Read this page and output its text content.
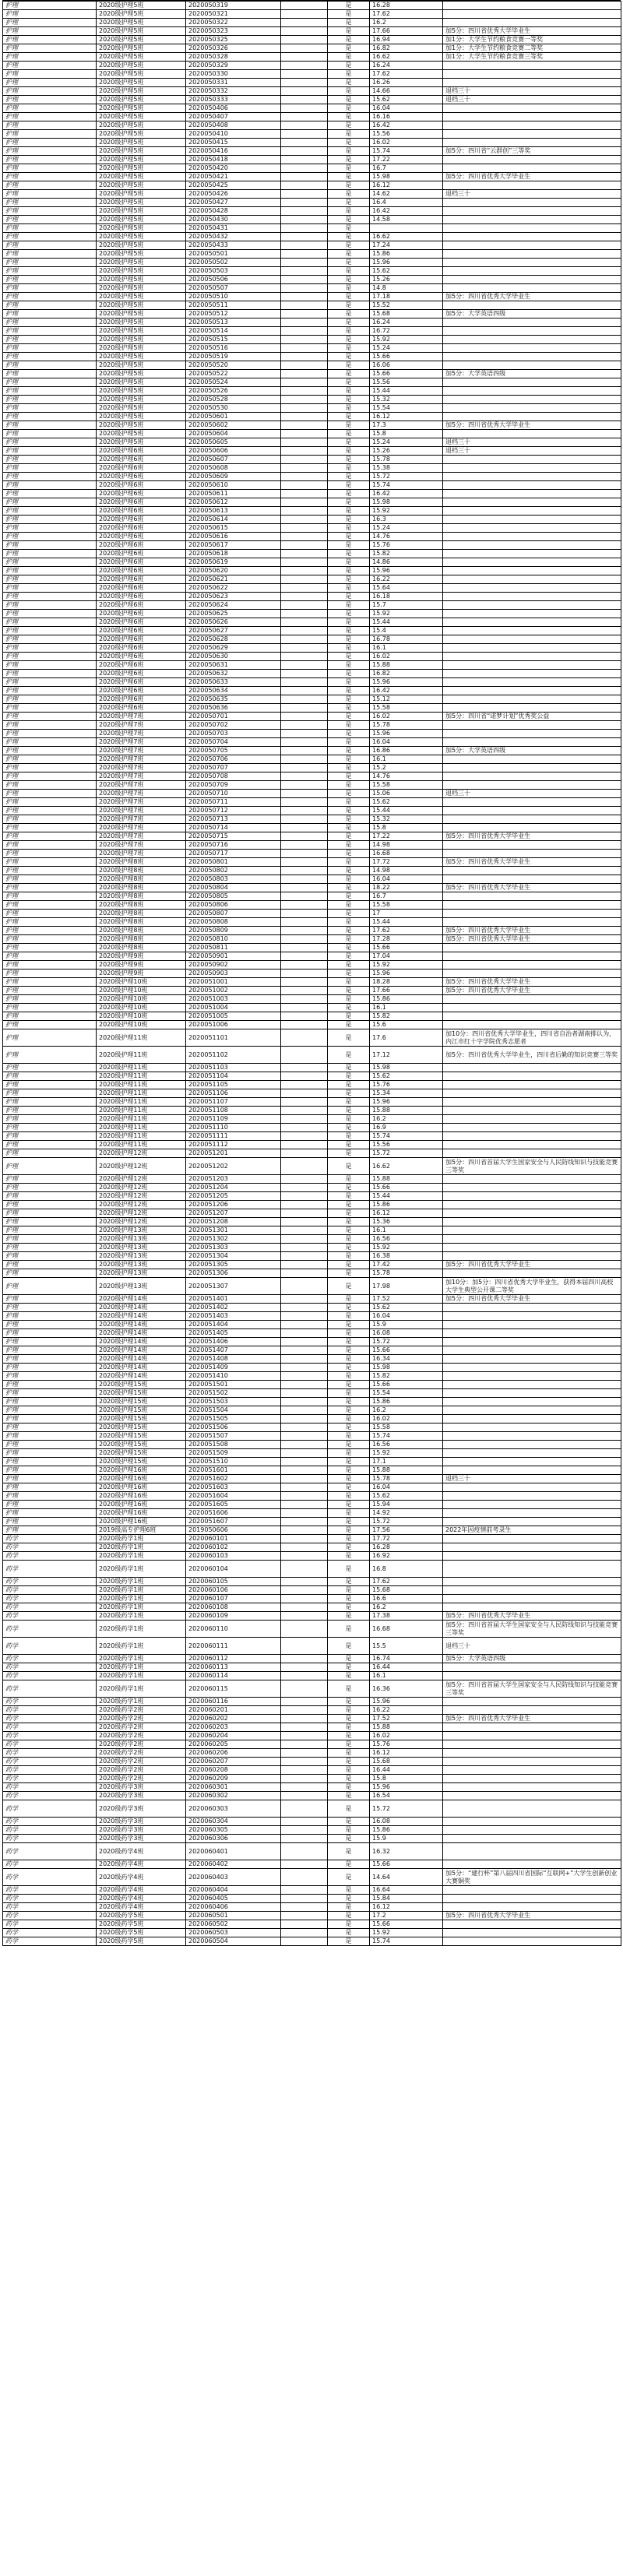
护理	2020级护理5班	2020050319		是	16.28	
护理	2020级护理5班	2020050321		是	17.62	
护理	2020级护理5班	2020050322		是	16.2	
护理	2020级护理5班	2020050323		是	17.66	加5分：四川省优秀大学毕业生
护理	2020级护理5班	2020050325		是	16.94	加1分：大学生节约粮食竞赛一等奖
护理	2020级护理5班	2020050326		是	16.82	加1分：大学生节约粮食竞赛二等奖
护理	2020级护理5班	2020050328		是	16.62	加1分：大学生节约粮食竞赛三等奖
护理	2020级护理5班	2020050329		是	16.24	
护理	2020级护理5班	2020050330		是	17.62	
护理	2020级护理5班	2020050331		是	16.26	
护理	2020级护理5班	2020050332		是	14.66	退档三十
护理	2020级护理5班	2020050333		是	15.62	退档三十
护理	2020级护理5班	2020050406		是	16.04	
护理	2020级护理5班	2020050407		是	16.16	
护理	2020级护理5班	2020050408		是	16.42	
护理	2020级护理5班	2020050410		是	15.56	
护理	2020级护理5班	2020050415		是	16.02	
护理	2020级护理5班	2020050416		是	15.74	加5分：四川省“云群创”三等奖
护理	2020级护理5班	2020050418		是	17.22	
护理	2020级护理5班	2020050420		是	16.7	
护理	2020级护理5班	2020050421		是	15.98	加5分：四川省优秀大学毕业生
护理	2020级护理5班	2020050425		是	16.12	
护理	2020级护理5班	2020050426		是	14.62	退档三十
护理	2020级护理5班	2020050427		是	16.4	
护理	2020级护理5班	2020050428		是	16.42	
护理	2020级护理5班	2020050430		是	14.58	
护理	2020级护理5班	2020050431		是		
护理	2020级护理5班	2020050432		是	16.62	
护理	2020级护理5班	2020050433		是	17.24	
护理	2020级护理5班	2020050501		是	15.86	
护理	2020级护理5班	2020050502		是	15.96	
护理	2020级护理5班	2020050503		是	15.62	
护理	2020级护理5班	2020050506		是	15.26	
护理	2020级护理5班	2020050507		是	14.8	
护理	2020级护理5班	2020050510		是	17.18	加5分：四川省优秀大学毕业生
护理	2020级护理5班	2020050511		是	15.52	
护理	2020级护理5班	2020050512		是	15.68	加5分：大学英语四级
护理	2020级护理5班	2020050513		是	16.24	
护理	2020级护理5班	2020050514		是	16.72	
护理	2020级护理5班	2020050515		是	15.92	
护理	2020级护理5班	2020050516		是	15.24	
护理	2020级护理5班	2020050519		是	15.66	
护理	2020级护理5班	2020050520		是	16.06	
护理	2020级护理5班	2020050522		是	15.66	加5分：大学英语四级
护理	2020级护理5班	2020050524		是	15.56	
护理	2020级护理5班	2020050526		是	15.44	
护理	2020级护理5班	2020050528		是	15.32	
护理	2020级护理5班	2020050530		是	15.54	
护理	2020级护理5班	2020050601		是	16.12	
护理	2020级护理5班	2020050602		是	17.3	加5分：四川省优秀大学毕业生
护理	2020级护理5班	2020050604		是	15.8	
护理	2020级护理5班	2020050605		是	15.24	退档三十
护理	2020级护理6班	2020050606		是	15.26	退档三十
护理	2020级护理6班	2020050607		是	15.78	
护理	2020级护理6班	2020050608		是	15.38	
护理	2020级护理6班	2020050609		是	15.72	
护理	2020级护理6班	2020050610		是	15.74	
护理	2020级护理6班	2020050611		是	16.42	
护理	2020级护理6班	2020050612		是	15.98	
护理	2020级护理6班	2020050613		是	15.92	
护理	2020级护理6班	2020050614		是	16.3	
护理	2020级护理6班	2020050615		是	15.24	
护理	2020级护理6班	2020050616		是	14.76	
护理	2020级护理6班	2020050617		是	15.76	
护理	2020级护理6班	2020050618		是	15.82	
护理	2020级护理6班	2020050619		是	14.86	
护理	2020级护理6班	2020050620		是	15.96	
护理	2020级护理6班	2020050621		是	16.22	
护理	2020级护理6班	2020050622		是	15.64	
护理	2020级护理6班	2020050623		是	16.18	
护理	2020级护理6班	2020050624		是	15.7	
护理	2020级护理6班	2020050625		是	15.92	
护理	2020级护理6班	2020050626		是	15.44	
护理	2020级护理6班	2020050627		是	15.4	
护理	2020级护理6班	2020050628		是	16.78	
护理	2020级护理6班	2020050629		是	16.1	
护理	2020级护理6班	2020050630		是	16.02	
护理	2020级护理6班	2020050631		是	15.88	
护理	2020级护理6班	2020050632		是	16.82	
护理	2020级护理6班	2020050633		是	15.96	
护理	2020级护理6班	2020050634		是	16.42	
护理	2020级护理6班	2020050635		是	15.12	
护理	2020级护理6班	2020050636		是	15.58	
护理	2020级护理7班	2020050701		是	16.02	加5分：四川省“诺梦计划”优秀奖公益
护理	2020级护理7班	2020050702		是	15.78	
护理	2020级护理7班	2020050703		是	15.96	
护理	2020级护理7班	2020050704		是	16.04	
护理	2020级护理7班	2020050705		是	16.86	加5分：大学英语四级
护理	2020级护理7班	2020050706		是	16.1	
护理	2020级护理7班	2020050707		是	15.2	
护理	2020级护理7班	2020050708		是	14.76	
护理	2020级护理7班	2020050709		是	15.58	
护理	2020级护理7班	2020050710		是	15.06	退档三十
护理	2020级护理7班	2020050711		是	15.62	
护理	2020级护理7班	2020050712		是	15.44	
护理	2020级护理7班	2020050713		是	15.32	
护理	2020级护理7班	2020050714		是	15.8	
护理	2020级护理7班	2020050715		是	17.22	加5分：四川省优秀大学毕业生
护理	2020级护理7班	2020050716		是	14.98	
护理	2020级护理7班	2020050717		是	16.68	
护理	2020级护理8班	2020050801		是	17.72	加5分：四川省优秀大学毕业生
护理	2020级护理8班	2020050802		是	14.98	
护理	2020级护理8班	2020050803		是	16.04	
护理	2020级护理8班	2020050804		是	18.22	加5分：四川省优秀大学毕业生
护理	2020级护理8班	2020050805		是	16.7	
护理	2020级护理8班	2020050806		是	15.58	
护理	2020级护理8班	2020050807		是	17	
护理	2020级护理8班	2020050808		是	15.44	
护理	2020级护理8班	2020050809		是	17.62	加5分：四川省优秀大学毕业生
护理	2020级护理8班	2020050810		是	17.28	加5分：四川省优秀大学毕业生
护理	2020级护理8班	2020050811		是	15.66	
护理	2020级护理9班	2020050901		是	17.04	
护理	2020级护理9班	2020050902		是	15.92	
护理	2020级护理9班	2020050903		是	15.96	
护理	2020级护理10班	2020051001		是	18.28	加5分：四川省优秀大学毕业生
护理	2020级护理10班	2020051002		是	17.66	加5分：四川省优秀大学毕业生
护理	2020级护理10班	2020051003		是	15.86	
护理	2020级护理10班	2020051004		是	16.1	
护理	2020级护理10班	2020051005		是	15.82	
护理	2020级护理10班	2020051006		是	15.6	
护理	2020级护理11班	2020051101		是	17.6	加10分：四川省优秀大学毕业生，四川省自治者湖南排认为，内江市红十字学院优秀志愿者
护理	2020级护理11班	2020051102		是	17.12	加5分：四川省优秀大学毕业生，四川省后勤的知识竞赛三等奖
护理	2020级护理11班	2020051103		是	15.98	
护理	2020级护理11班	2020051104		是	15.62	
护理	2020级护理11班	2020051105		是	15.76	
护理	2020级护理11班	2020051106		是	15.34	
护理	2020级护理11班	2020051107		是	15.96	
护理	2020级护理11班	2020051108		是	15.88	
护理	2020级护理11班	2020051109		是	16.2	
护理	2020级护理11班	2020051110		是	16.9	
护理	2020级护理11班	2020051111		是	15.74	
护理	2020级护理11班	2020051112		是	15.56	
护理	2020级护理12班	2020051201		是	15.72	
护理	2020级护理12班	2020051202		是	16.62	加5分：四川省首届大学生国家安全与人民防线知识与技能竞赛三等奖
护理	2020级护理12班	2020051203		是	15.88	
护理	2020级护理12班	2020051204		是	15.66	
护理	2020级护理12班	2020051205		是	15.44	
护理	2020级护理12班	2020051206		是	15.86	
护理	2020级护理12班	2020051207		是	16.12	
护理	2020级护理12班	2020051208		是	15.36	
护理	2020级护理13班	2020051301		是	16.1	
护理	2020级护理13班	2020051302		是	16.56	
护理	2020级护理13班	2020051303		是	15.92	
护理	2020级护理13班	2020051304		是	16.38	
护理	2020级护理13班	2020051305		是	17.42	加5分：四川省优秀大学毕业生
护理	2020级护理13班	2020051306		是	15.78	
护理	2020级护理13班	2020051307		是	17.98	加10分：加5分：四川省优秀大学毕业生，获得本届四川高校大学生典型公开课二等奖
护理	2020级护理14班	2020051401		是	17.52	加5分：四川省优秀大学毕业生
护理	2020级护理14班	2020051402		是	15.62	
护理	2020级护理14班	2020051403		是	16.04	
护理	2020级护理14班	2020051404		是	15.9	
护理	2020级护理14班	2020051405		是	16.08	
护理	2020级护理14班	2020051406		是	15.72	
护理	2020级护理14班	2020051407		是	15.66	
护理	2020级护理14班	2020051408		是	16.34	
护理	2020级护理14班	2020051409		是	15.98	
护理	2020级护理14班	2020051410		是	15.82	
护理	2020级护理15班	2020051501		是	15.66	
护理	2020级护理15班	2020051502		是	15.54	
护理	2020级护理15班	2020051503		是	15.86	
护理	2020级护理15班	2020051504		是	16.2	
护理	2020级护理15班	2020051505		是	16.02	
护理	2020级护理15班	2020051506		是	15.58	
护理	2020级护理15班	2020051507		是	15.74	
护理	2020级护理15班	2020051508		是	16.56	
护理	2020级护理15班	2020051509		是	15.92	
护理	2020级护理15班	2020051510		是	17.1	
护理	2020级护理16班	2020051601		是	15.88	
护理	2020级护理16班	2020051602		是	15.78	退档三十
护理	2020级护理16班	2020051603		是	16.04	
护理	2020级护理16班	2020051604		是	15.62	
护理	2020级护理16班	2020051605		是	15.94	
护理	2020级护理16班	2020051606		是	14.92	
护理	2020级护理16班	2020051607		是	15.72	
护理	2019级高专护理6班	2019050606		是	17.56	2022年因疫情前考录生
药学	2020级药学1班	2020060101		是	17.72	
药学	2020级药学1班	2020060102		是	16.28	
药学	2020级药学1班	2020060103		是	16.92	
药学	2020级药学1班	2020060104		是	16.8	
药学	2020级药学1班	2020060105		是	17.62	
药学	2020级药学1班	2020060106		是	15.68	
药学	2020级药学1班	2020060107		是	16.6	
药学	2020级药学1班	2020060108		是	16.2	
药学	2020级药学1班	2020060109		是	17.38	加5分：四川省优秀大学毕业生
药学	2020级药学1班	2020060110		是	16.68	加5分：四川省首届大学生国家安全与人民防线知识与技能竞赛三等奖
药学	2020级药学1班	2020060111		是	15.5	退档三十
药学	2020级药学1班	2020060112		是	16.74	加5分：大学英语四级
药学	2020级药学1班	2020060113		是	16.44	
药学	2020级药学1班	2020060114		是	16.1	
药学	2020级药学1班	2020060115		是	16.36	加5分：四川省首届大学生国家安全与人民防线知识与技能竞赛三等奖
药学	2020级药学1班	2020060116		是	15.96	
药学	2020级药学2班	2020060201		是	16.22	
药学	2020级药学2班	2020060202		是	17.52	加5分：四川省优秀大学毕业生
药学	2020级药学2班	2020060203		是	15.88	
药学	2020级药学2班	2020060204		是	16.02	
药学	2020级药学2班	2020060205		是	15.76	
药学	2020级药学2班	2020060206		是	16.12	
药学	2020级药学2班	2020060207		是	15.68	
药学	2020级药学2班	2020060208		是	16.44	
药学	2020级药学2班	2020060209		是	15.8	
药学	2020级药学3班	2020060301		是	15.96	
药学	2020级药学3班	2020060302		是	16.54	
药学	2020级药学3班	2020060303		是	15.72	
药学	2020级药学3班	2020060304		是	16.08	
药学	2020级药学3班	2020060305		是	15.86	
药学	2020级药学3班	2020060306		是	15.9	
药学	2020级药学4班	2020060401		是	16.32	
药学	2020级药学4班	2020060402		是	15.66	
药学	2020级药学4班	2020060403		是	14.64	加5分：“建行杯”第八届四川省国际“互联网+”大学生创新创业大赛铜奖
药学	2020级药学4班	2020060404		是	16.64	
药学	2020级药学4班	2020060405		是	15.84	
药学	2020级药学4班	2020060406		是	16.12	
药学	2020级药学5班	2020060501		是	17.2	加5分：四川省优秀大学毕业生
药学	2020级药学5班	2020060502		是	15.66	
药学	2020级药学5班	2020060503		是	15.92	
药学	2020级药学5班	2020060504		是	15.74	
